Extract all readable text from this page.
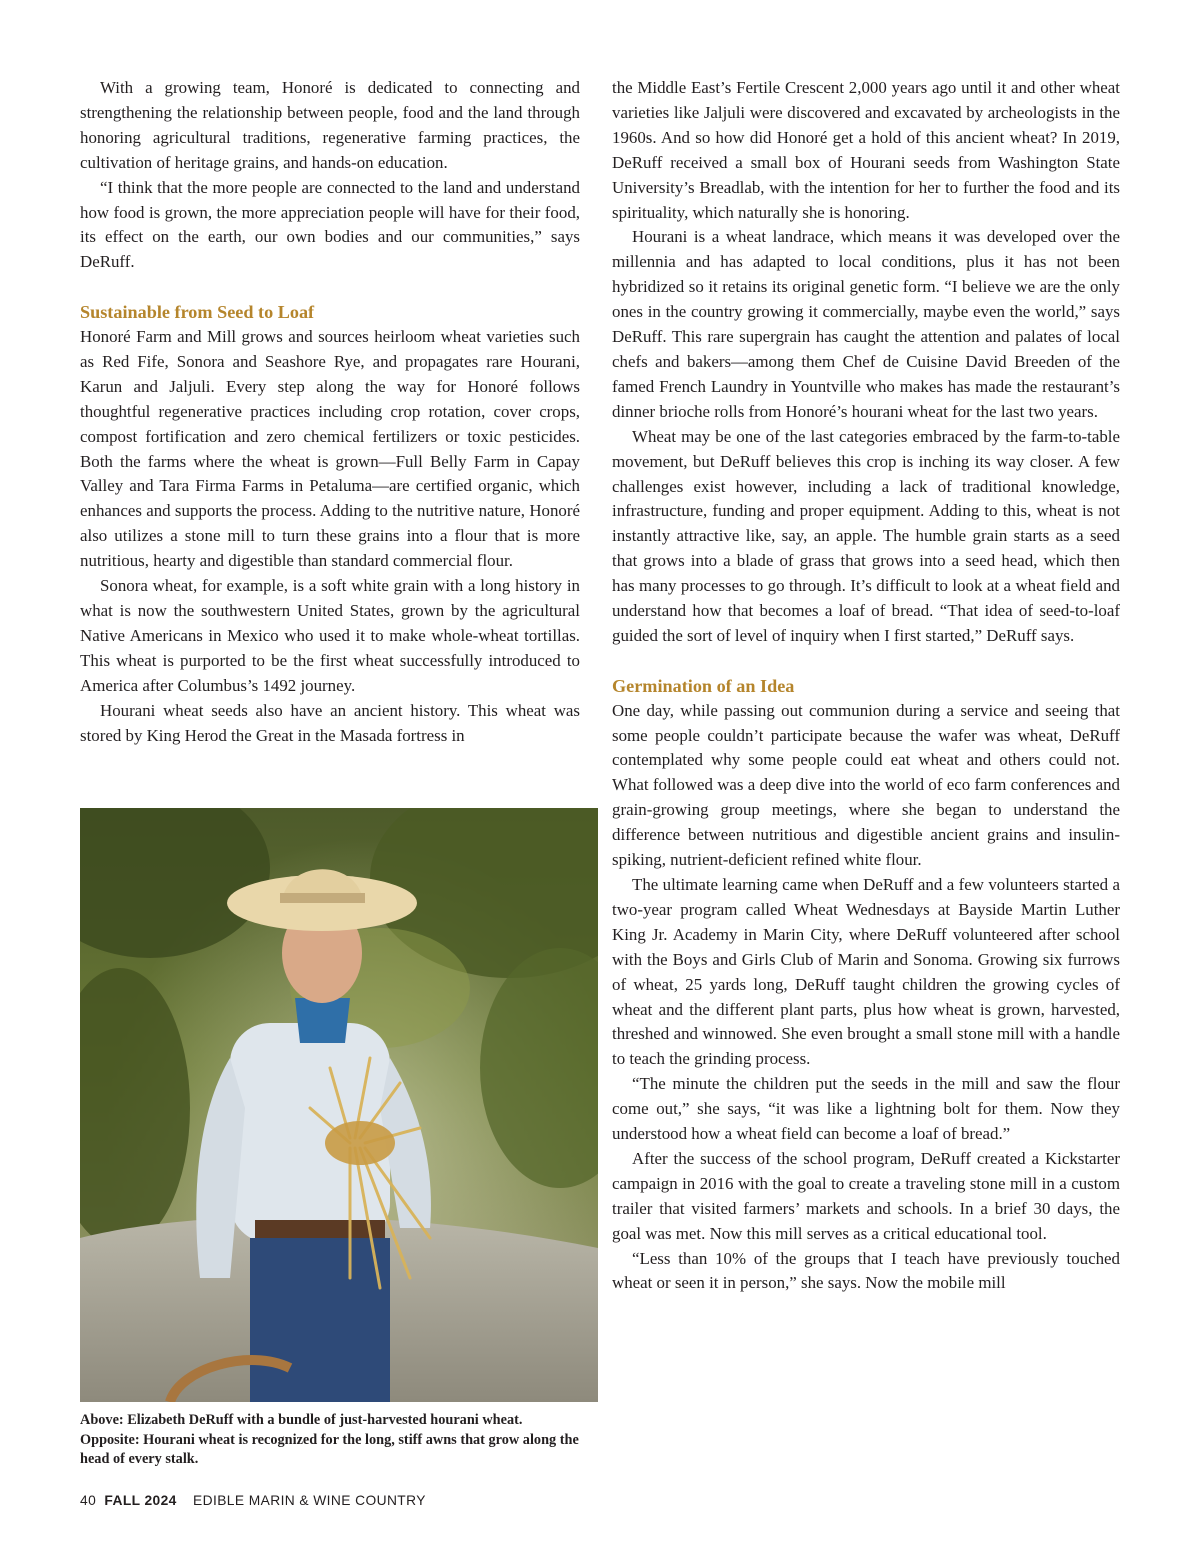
With a growing team, Honoré is dedicated to connecting and strengthening the relationship between people, food and the land through honoring agricultural traditions, regenerative farming practices, the cultivation of heritage grains, and hands-on education.

“I think that the more people are connected to the land and understand how food is grown, the more appreciation people will have for their food, its effect on the earth, our own bodies and our communities,” says DeRuff.

Sustainable from Seed to Loaf

Honoré Farm and Mill grows and sources heirloom wheat varieties such as Red Fife, Sonora and Seashore Rye, and propagates rare Hourani, Karun and Jaljuli. Every step along the way for Honoré follows thoughtful regenerative practices including crop rotation, cover crops, compost fortification and zero chemical fertilizers or toxic pesticides. Both the farms where the wheat is grown—Full Belly Farm in Capay Valley and Tara Firma Farms in Petaluma—are certified organic, which enhances and supports the process. Adding to the nutritive nature, Honoré also utilizes a stone mill to turn these grains into a flour that is more nutritious, hearty and digestible than standard commercial flour.

Sonora wheat, for example, is a soft white grain with a long history in what is now the southwestern United States, grown by the agricultural Native Americans in Mexico who used it to make whole-wheat tortillas. This wheat is purported to be the first wheat successfully introduced to America after Columbus’s 1492 journey.

Hourani wheat seeds also have an ancient history. This wheat was stored by King Herod the Great in the Masada fortress in

Above: Elizabeth DeRuff with a bundle of just-harvested hourani wheat.
Opposite: Hourani wheat is recognized for the long, stiff awns that grow along the head of every stalk.

the Middle East’s Fertile Crescent 2,000 years ago until it and other wheat varieties like Jaljuli were discovered and excavated by archeologists in the 1960s. And so how did Honoré get a hold of this ancient wheat? In 2019, DeRuff received a small box of Hourani seeds from Washington State University’s Breadlab, with the intention for her to further the food and its spirituality, which naturally she is honoring.

Hourani is a wheat landrace, which means it was developed over the millennia and has adapted to local conditions, plus it has not been hybridized so it retains its original genetic form. “I believe we are the only ones in the country growing it commercially, maybe even the world,” says DeRuff. This rare supergrain has caught the attention and palates of local chefs and bakers—among them Chef de Cuisine David Breeden of the famed French Laundry in Yountville who makes has made the restaurant’s dinner brioche rolls from Honoré’s hourani wheat for the last two years.

Wheat may be one of the last categories embraced by the farm-to-table movement, but DeRuff believes this crop is inching its way closer. A few challenges exist however, including a lack of traditional knowledge, infrastructure, funding and proper equipment. Adding to this, wheat is not instantly attractive like, say, an apple. The humble grain starts as a seed that grows into a blade of grass that grows into a seed head, which then has many processes to go through. It’s difficult to look at a wheat field and understand how that becomes a loaf of bread. “That idea of seed-to-loaf guided the sort of level of inquiry when I first started,” DeRuff says.

Germination of an Idea

One day, while passing out communion during a service and seeing that some people couldn’t participate because the wafer was wheat, DeRuff contemplated why some people could eat wheat and others could not. What followed was a deep dive into the world of eco farm conferences and grain-growing group meetings, where she began to understand the difference between nutritious and digestible ancient grains and insulin-spiking, nutrient-deficient refined white flour.

The ultimate learning came when DeRuff and a few volunteers started a two-year program called Wheat Wednesdays at Bayside Martin Luther King Jr. Academy in Marin City, where DeRuff volunteered after school with the Boys and Girls Club of Marin and Sonoma. Growing six furrows of wheat, 25 yards long, DeRuff taught children the growing cycles of wheat and the different plant parts, plus how wheat is grown, harvested, threshed and winnowed. She even brought a small stone mill with a handle to teach the grinding process.

“The minute the children put the seeds in the mill and saw the flour come out,” she says, “it was like a lightning bolt for them. Now they understood how a wheat field can become a loaf of bread.”

After the success of the school program, DeRuff created a Kickstarter campaign in 2016 with the goal to create a traveling stone mill in a custom trailer that visited farmers’ markets and schools. In a brief 30 days, the goal was met. Now this mill serves as a critical educational tool.

“Less than 10% of the groups that I teach have previously touched wheat or seen it in person,” she says. Now the mobile mill

40 FALL 2024 EDIBLE MARIN & WINE COUNTRY
